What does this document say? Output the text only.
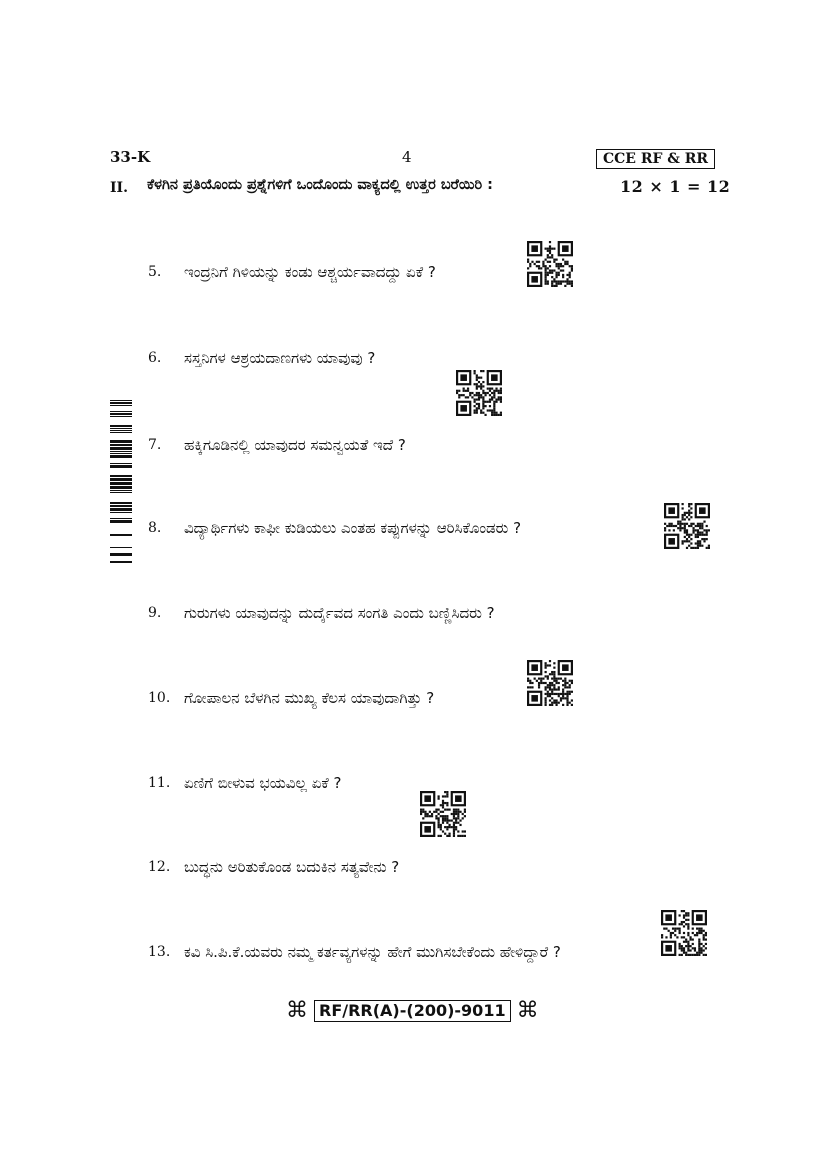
33-K	4	CCE RF & RR
II. ಕೆಳಗಿನ ಪ್ರತಿಯೊಂದು ಪ್ರಶ್ನೆಗಳಿಗೆ ಒಂದೊಂದು ವಾಕ್ಯದಲ್ಲಿ ಉತ್ತರ ಬರೆಯಿರಿ :	12 × 1 = 12
5.	ಇಂದ್ರನಿಗೆ ಗಿಳಿಯನ್ನು ಕಂಡು ಆಶ್ಚರ್ಯವಾದದ್ದು ಏಕೆ ?
6.	ಸಸ್ತನಿಗಳ ಆಶ್ರಯದಾಣಗಳು ಯಾವುವು ?
7.	ಹಕ್ಕಿಗೂಡಿನಲ್ಲಿ ಯಾವುದರ ಸಮನ್ವಯತೆ ಇದೆ ?
8.	ವಿದ್ಯಾರ್ಥಿಗಳು ಕಾಫೀ ಕುಡಿಯಲು ಎಂತಹ ಕಪ್ಪುಗಳನ್ನು ಆರಿಸಿಕೊಂಡರು ?
9.	ಗುರುಗಳು ಯಾವುದನ್ನು ದುರ್ದೈವದ ಸಂಗತಿ ಎಂದು ಬಣ್ಣಿಸಿದರು ?
10. ಗೋಪಾಲನ ಬೆಳಗಿನ ಮುಖ್ಯ ಕೆಲಸ ಯಾವುದಾಗಿತ್ತು ?
11. ಏಣಿಗೆ ಬೀಳುವ ಭಯವಿಲ್ಲ ಏಕೆ ?
12. ಬುದ್ಧನು ಅರಿತುಕೊಂಡ ಬದುಕಿನ ಸತ್ಯವೇನು ?
13. ಕವಿ ಸಿ.ಪಿ.ಕೆ.ಯವರು ನಮ್ಮ ಕರ್ತವ್ಯಗಳನ್ನು ಹೇಗೆ ಮುಗಿಸಬೇಕೆಂದು ಹೇಳಿದ್ದಾರೆ ?
⌘ RF/RR(A)-(200)-9011 ⌘
